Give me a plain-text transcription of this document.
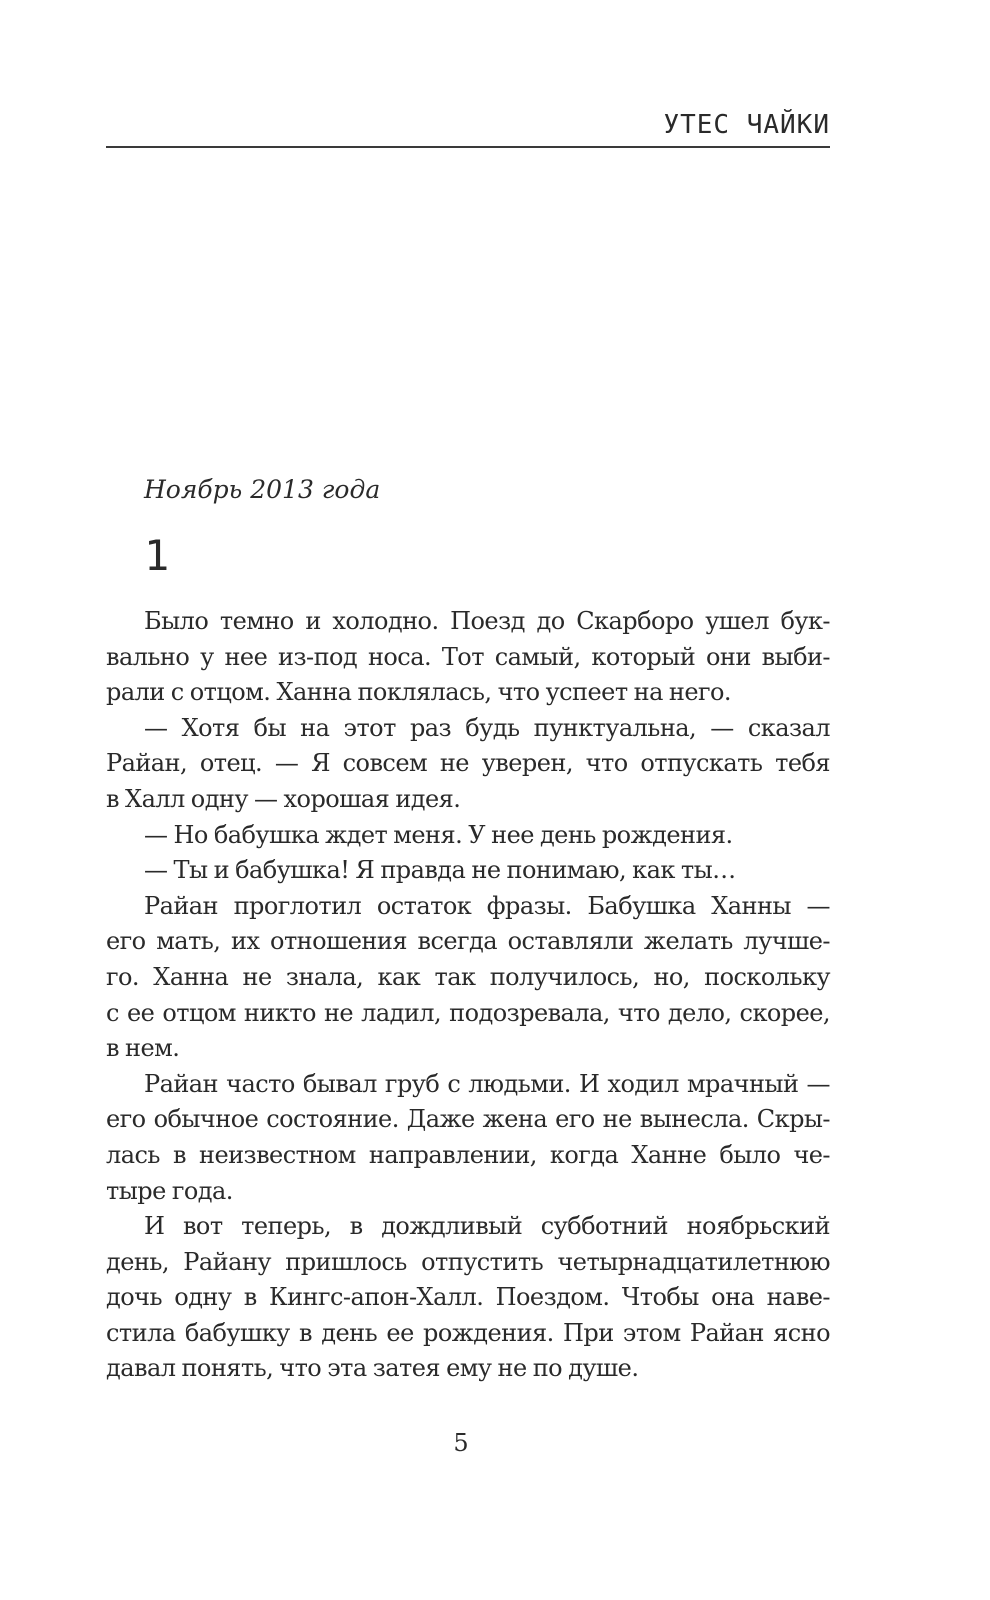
УТЕС ЧАЙКИ
Ноябрь 2013 года
1
Было темно и холодно. Поезд до Скарборо ушел бук-
вально у нее из-под носа. Тот самый, который они выби-
рали с отцом. Ханна поклялась, что успеет на него.
— Хотя бы на этот раз будь пунктуальна, — сказал
Райан, отец. — Я совсем не уверен, что отпускать тебя
в Халл одну — хорошая идея.
— Но бабушка ждет меня. У нее день рождения.
— Ты и бабушка! Я правда не понимаю, как ты…
Райан проглотил остаток фразы. Бабушка Ханны —
его мать, их отношения всегда оставляли желать лучше-
го. Ханна не знала, как так получилось, но, поскольку
с ее отцом никто не ладил, подозревала, что дело, скорее,
в нем.
Райан часто бывал груб с людьми. И ходил мрачный —
его обычное состояние. Даже жена его не вынесла. Скры-
лась в неизвестном направлении, когда Ханне было че-
тыре года.
И вот теперь, в дождливый субботний ноябрьский
день, Райану пришлось отпустить четырнадцатилетнюю
дочь одну в Кингс-апон-Халл. Поездом. Чтобы она наве-
стила бабушку в день ее рождения. При этом Райан ясно
давал понять, что эта затея ему не по душе.
5
